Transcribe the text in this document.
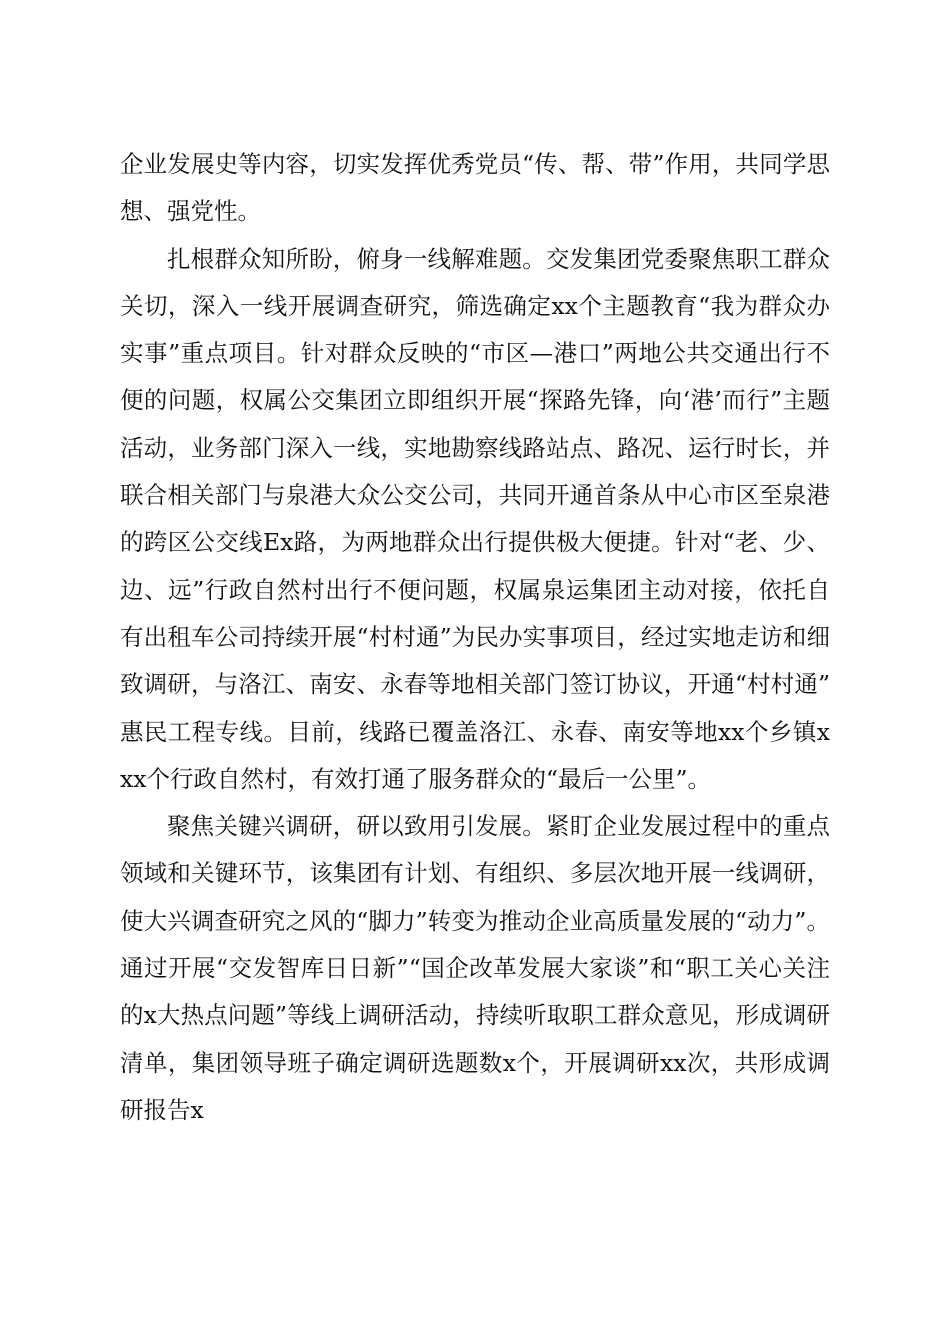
企业发展史等内容，切实发挥优秀党员“传、帮、带”作用，共同学思想、强党性。

扎根群众知所盼，俯身一线解难题。交发集团党委聚焦职工群众关切，深入一线开展调查研究，筛选确定xx个主题教育“我为群众办实事”重点项目。针对群众反映的“市区—港口”两地公共交通出行不便的问题，权属公交集团立即组织开展“探路先锋，向‘港’而行”主题活动，业务部门深入一线，实地勘察线路站点、路况、运行时长，并联合相关部门与泉港大众公交公司，共同开通首条从中心市区至泉港的跨区公交线Ex路，为两地群众出行提供极大便捷。针对“老、少、边、远”行政自然村出行不便问题，权属泉运集团主动对接，依托自有出租车公司持续开展“村村通”为民办实事项目，经过实地走访和细致调研，与洛江、南安、永春等地相关部门签订协议，开通“村村通”惠民工程专线。目前，线路已覆盖洛江、永春、南安等地xx个乡镇xxx个行政自然村，有效打通了服务群众的“最后一公里”。

聚焦关键兴调研，研以致用引发展。紧盯企业发展过程中的重点领域和关键环节，该集团有计划、有组织、多层次地开展一线调研，使大兴调查研究之风的“脚力”转变为推动企业高质量发展的“动力”。通过开展“交发智库日日新”“国企改革发展大家谈”和“职工关心关注的x大热点问题”等线上调研活动，持续听取职工群众意见，形成调研清单，集团领导班子确定调研选题数x个，开展调研xx次，共形成调研报告x
